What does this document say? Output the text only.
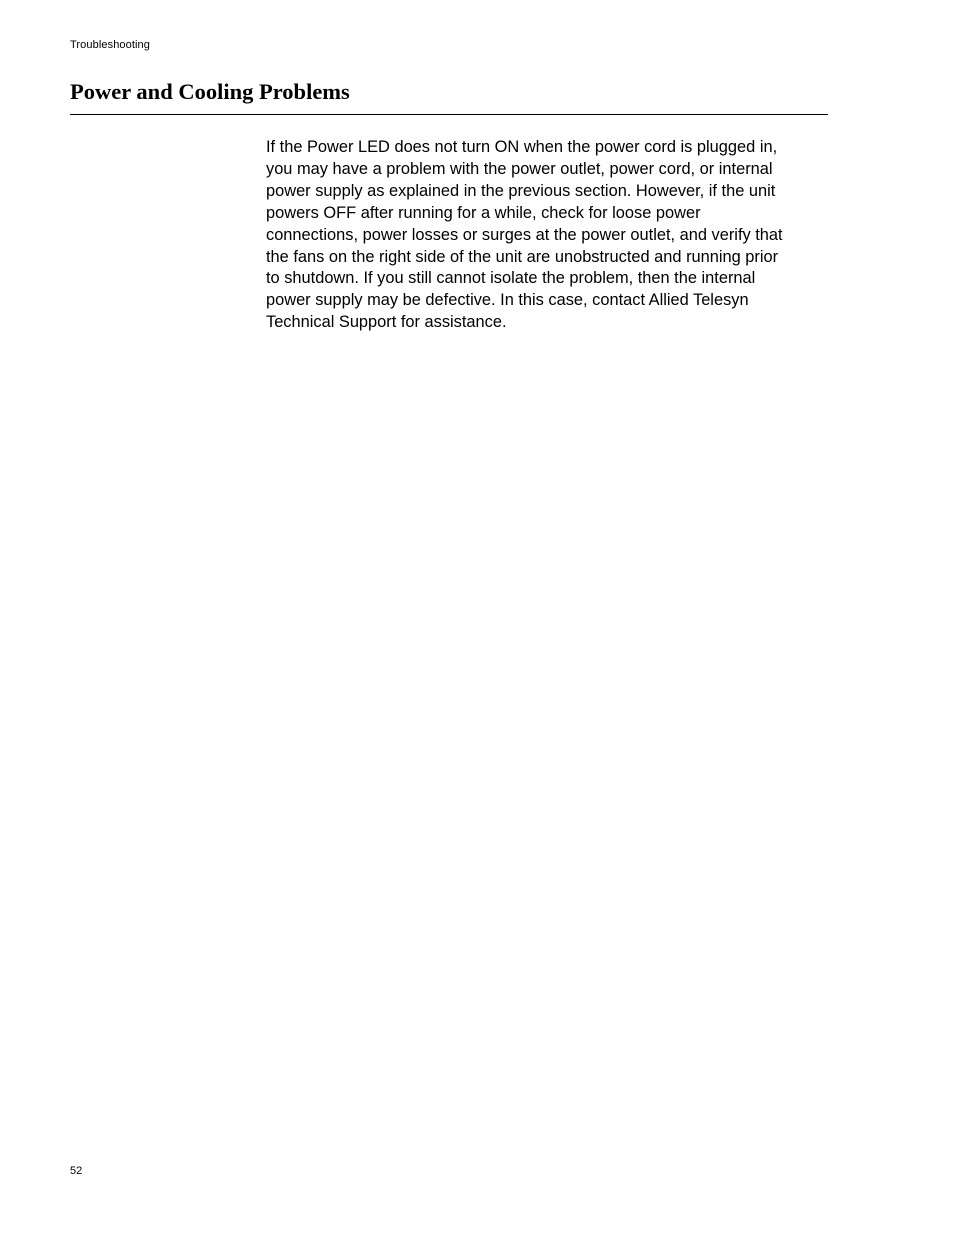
Troubleshooting
Power and Cooling Problems

If the Power LED does not turn ON when the power cord is plugged in,
you may have a problem with the power outlet, power cord, or internal
power supply as explained in the previous section. However, if the unit
powers OFF after running for a while, check for loose power
connections, power losses or surges at the power outlet, and verify that
the fans on the right side of the unit are unobstructed and running prior
to shutdown. If you still cannot isolate the problem, then the internal
power supply may be defective. In this case, contact Allied Telesyn
Technical Support for assistance.

52
